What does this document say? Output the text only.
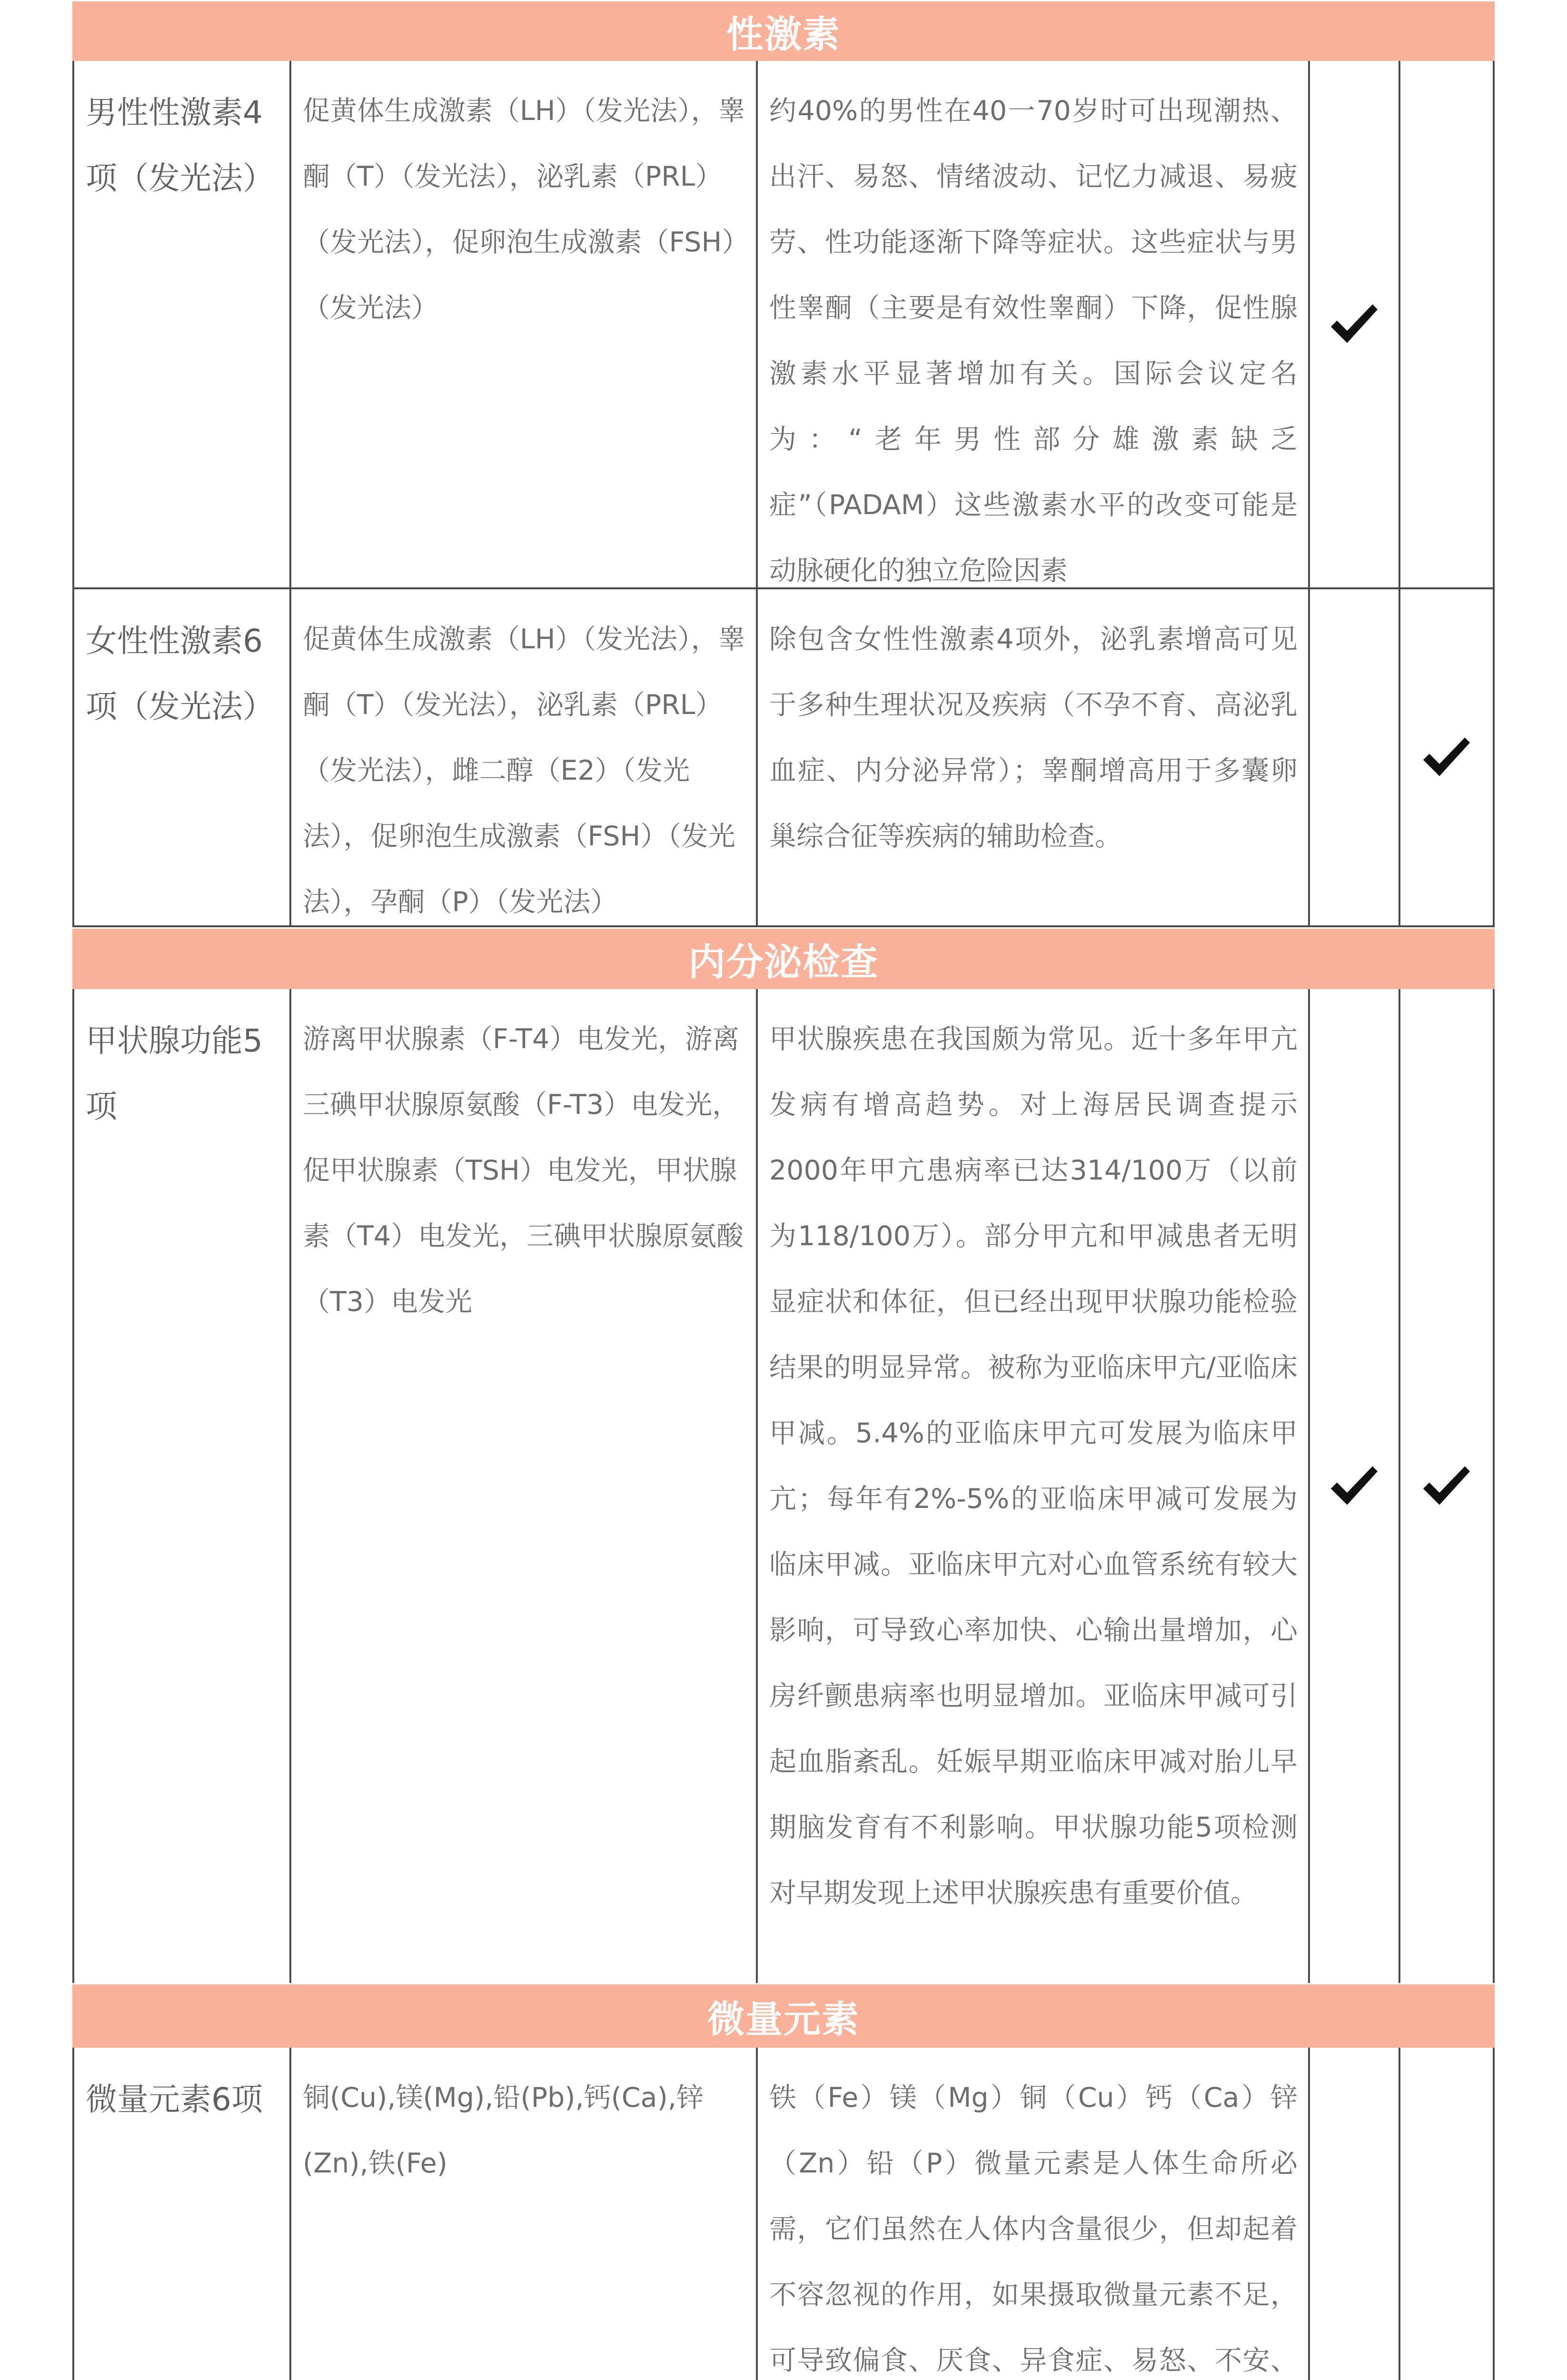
性激素
男性性激素4项（发光法）
促黄体生成激素（LH）（发光法），睾酮（T）（发光法），泌乳素（PRL）（发光法），促卵泡生成激素（FSH）（发光法）
约40%的男性在40一70岁时可出现潮热、出汗、易怒、情绪波动、记忆力减退、易疲劳、性功能逐渐下降等症状。这些症状与男性睾酮（主要是有效性睾酮）下降，促性腺激素水平显著增加有关。国际会议定名为：“老年男性部分雄激素缺乏症”（PADAM）这些激素水平的改变可能是动脉硬化的独立危险因素
女性性激素6项（发光法）
促黄体生成激素（LH）（发光法），睾酮（T）（发光法），泌乳素（PRL）（发光法），雌二醇（E2）（发光法），促卵泡生成激素（FSH）（发光法），孕酮（P）（发光法）
除包含女性性激素4项外，泌乳素增高可见于多种生理状况及疾病（不孕不育、高泌乳血症、内分泌异常）；睾酮增高用于多囊卵巢综合征等疾病的辅助检查。
内分泌检查
甲状腺功能5项
游离甲状腺素（F-T4）电发光，游离三碘甲状腺原氨酸（F-T3）电发光，促甲状腺素（TSH）电发光，甲状腺素（T4）电发光，三碘甲状腺原氨酸（T3）电发光
甲状腺疾患在我国颇为常见。近十多年甲亢发病有增高趋势。对上海居民调查提示2000年甲亢患病率已达314/100万（以前为118/100万）。部分甲亢和甲减患者无明显症状和体征，但已经出现甲状腺功能检验结果的明显异常。被称为亚临床甲亢/亚临床甲减。5.4%的亚临床甲亢可发展为临床甲亢；每年有2%-5%的亚临床甲减可发展为临床甲减。亚临床甲亢对心血管系统有较大影响，可导致心率加快、心输出量增加，心房纤颤患病率也明显增加。亚临床甲减可引起血脂紊乱。妊娠早期亚临床甲减对胎儿早期脑发育有不利影响。甲状腺功能5项检测对早期发现上述甲状腺疾患有重要价值。
微量元素
微量元素6项	铜(Cu),镁(Mg),铅(Pb),钙(Ca),锌(Zn),铁(Fe)
铁（Fe）镁（Mg）铜（Cu）钙（Ca）锌（Zn）铅（P）微量元素是人体生命所必需，它们虽然在人体内含量很少，但却起着不容忽视的作用，如果摄取微量元素不足，可导致偏食、厌食、异食症、易怒、不安、
